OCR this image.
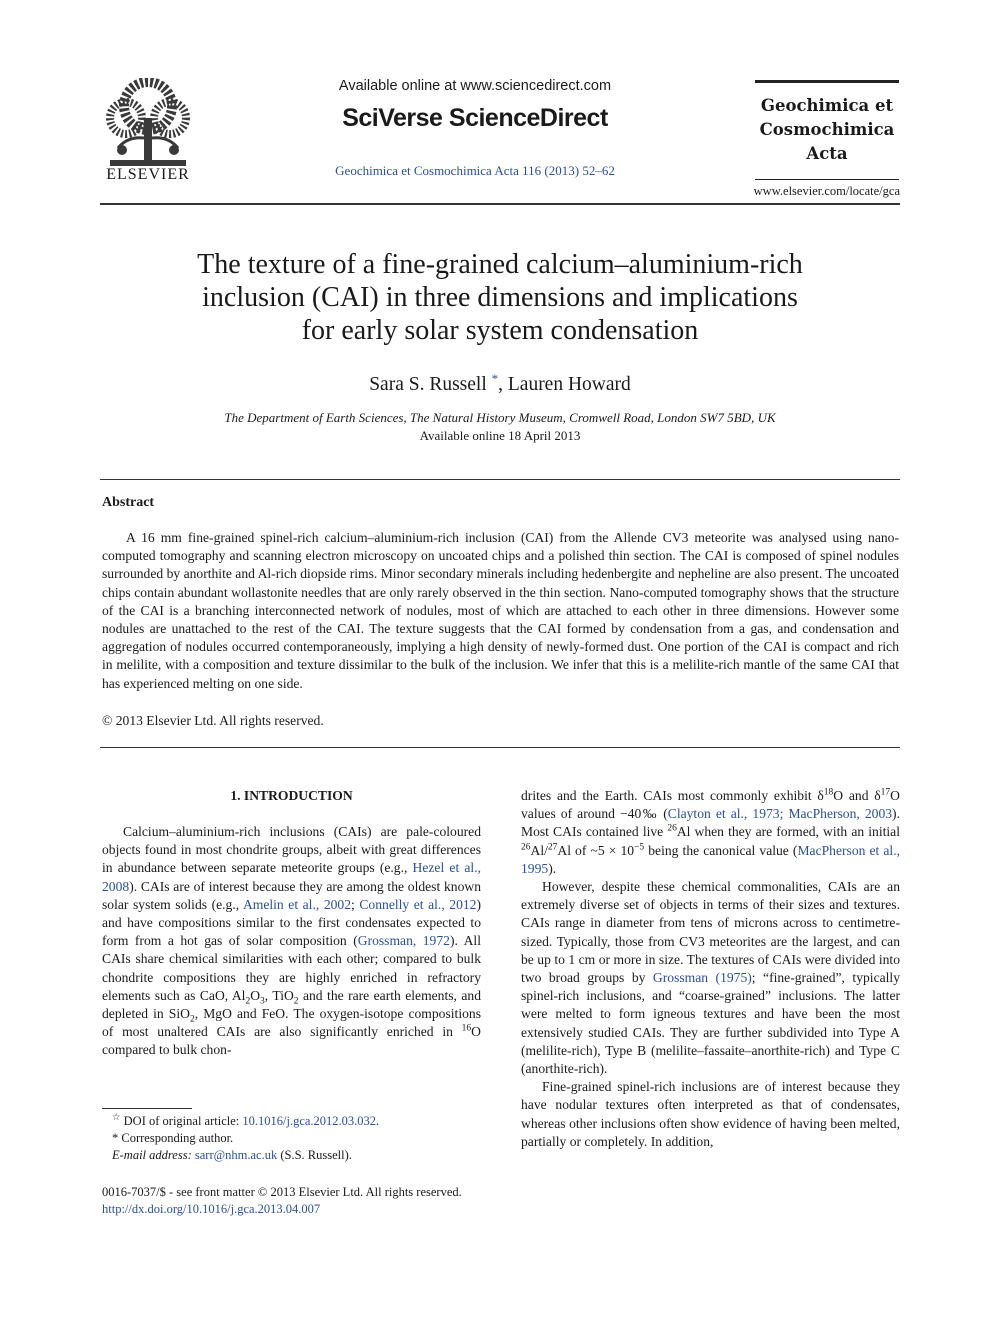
ELSEVIER
Available online at www.sciencedirect.com
SciVerse ScienceDirect
Geochimica et Cosmochimica Acta 116 (2013) 52–62
Geochimica et
Cosmochimica
Acta
www.elsevier.com/locate/gca
The texture of a fine-grained calcium–aluminium-rich
inclusion (CAI) in three dimensions and implications
for early solar system condensation
Sara S. Russell *, Lauren Howard
The Department of Earth Sciences, The Natural History Museum, Cromwell Road, London SW7 5BD, UK
Available online 18 April 2013
Abstract

A 16 mm fine-grained spinel-rich calcium–aluminium-rich inclusion (CAI) from the Allende CV3 meteorite was analysed using nano-computed tomography and scanning electron microscopy on uncoated chips and a polished thin section. The CAI is composed of spinel nodules surrounded by anorthite and Al-rich diopside rims. Minor secondary minerals including hedenbergite and nepheline are also present. The uncoated chips contain abundant wollastonite needles that are only rarely observed in the thin section. Nano-computed tomography shows that the structure of the CAI is a branching interconnected network of nodules, most of which are attached to each other in three dimensions. However some nodules are unattached to the rest of the CAI. The texture suggests that the CAI formed by condensation from a gas, and condensation and aggregation of nodules occurred contemporaneously, implying a high density of newly-formed dust. One portion of the CAI is compact and rich in melilite, with a composition and texture dissimilar to the bulk of the inclusion. We infer that this is a melilite-rich mantle of the same CAI that has experienced melting on one side.

© 2013 Elsevier Ltd. All rights reserved.
1. INTRODUCTION

Calcium–aluminium-rich inclusions (CAIs) are pale-coloured objects found in most chondrite groups, albeit with great differences in abundance between separate meteorite groups (e.g., Hezel et al., 2008). CAIs are of interest because they are among the oldest known solar system solids (e.g., Amelin et al., 2002; Connelly et al., 2012) and have compositions similar to the first condensates expected to form from a hot gas of solar composition (Grossman, 1972). All CAIs share chemical similarities with each other; compared to bulk chondrite compositions they are highly enriched in refractory elements such as CaO, $Al_2O_3$, TiO$_2$ and the rare earth elements, and depleted in SiO$_2$, MgO and FeO. The oxygen-isotope compositions of most unaltered CAIs are also significantly enriched in $^{16}$O compared to bulk chon-

drites and the Earth. CAIs most commonly exhibit $\delta^{18}O$ and $\delta^{17}O$ values of around −40‰ (Clayton et al., 1973; MacPherson, 2003). Most CAIs contained live $^{26}$Al when they are formed, with an initial $^{26}$Al/$^{27}$Al of ~5 × $10^{-5}$ being the canonical value (MacPherson et al., 1995).

However, despite these chemical commonalities, CAIs are an extremely diverse set of objects in terms of their sizes and textures. CAIs range in diameter from tens of microns across to centimetre-sized. Typically, those from CV3 meteorites are the largest, and can be up to 1 cm or more in size. The textures of CAIs were divided into two broad groups by Grossman (1975); “fine-grained”, typically spinel-rich inclusions, and “coarse-grained” inclusions. The latter were melted to form igneous textures and have been the most extensively studied CAIs. They are further subdivided into Type A (melilite-rich), Type B (melilite–fassaite–anorthite-rich) and Type C (anorthite-rich).

Fine-grained spinel-rich inclusions are of interest because they have nodular textures often interpreted as that of condensates, whereas other inclusions often show evidence of having been melted, partially or completely. In addition,

☆ DOI of original article: 10.1016/j.gca.2012.03.032.
* Corresponding author.
E-mail address: sarr@nhm.ac.uk (S.S. Russell).
0016-7037/$ - see front matter © 2013 Elsevier Ltd. All rights reserved.
http://dx.doi.org/10.1016/j.gca.2013.04.007
